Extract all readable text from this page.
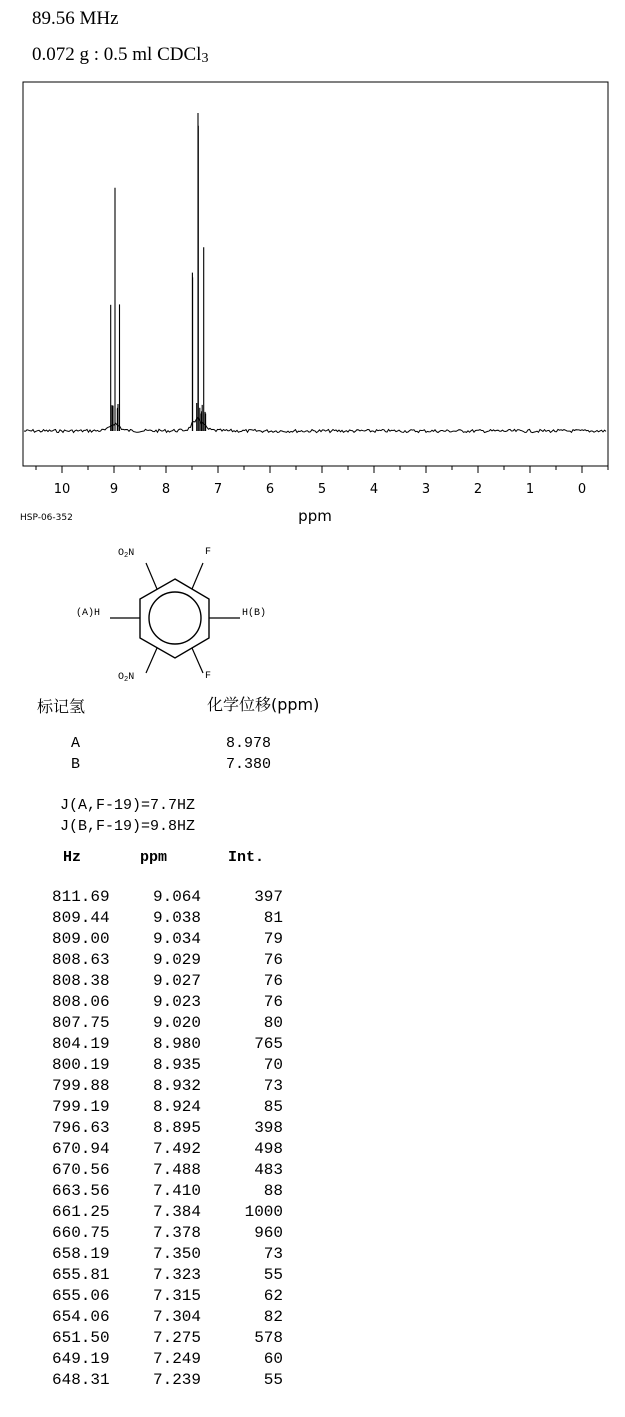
89.56 MHz
0.072 g : 0.5 ml CDCl$_3$
10	9	8	7	6	5	4	3	2	1	0
ppm
HSP-06-352
$O_2N$
$O_2N$
F
F
(A)H	H(B)
标记氢	化学位移(ppm)
A	8.978
B	7.380
J(A,F-19)=7.7HZ
J(B,F-19)=9.8HZ
Hz	ppm	Int.
811.69	9.064	397
809.44	9.038	81
809.00	9.034	79
808.63	9.029	76
808.38	9.027	76
808.06	9.023	76
807.75	9.020	80
804.19	8.980	765
800.19	8.935	70
799.88	8.932	73
799.19	8.924	85
796.63	8.895	398
670.94	7.492	498
670.56	7.488	483
663.56	7.410	88
661.25	7.384	1000
660.75	7.378	960
658.19	7.350	73
655.81	7.323	55
655.06	7.315	62
654.06	7.304	82
651.50	7.275	578
649.19	7.249	60
648.31	7.239	55
